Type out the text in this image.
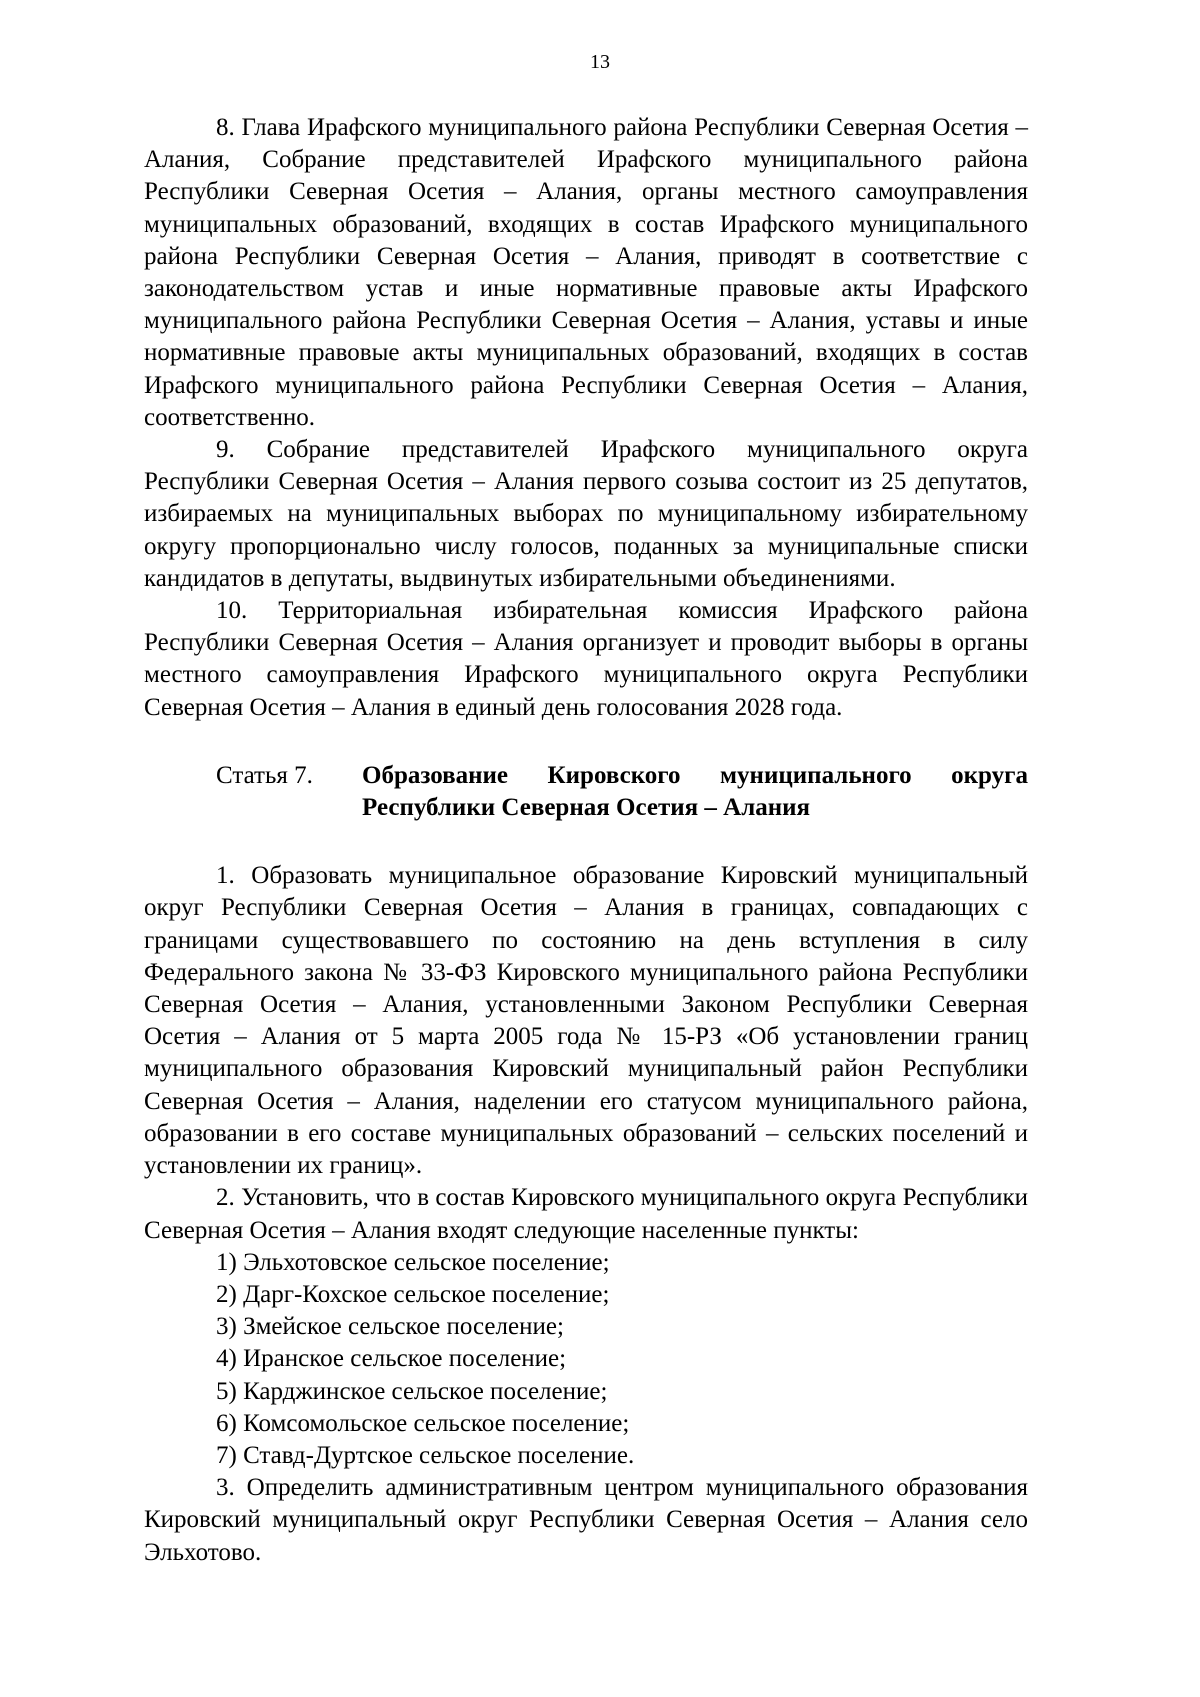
13

8. Глава Ирафского муниципального района Республики Северная Осетия – Алания, Собрание представителей Ирафского муниципального района Республики Северная Осетия – Алания, органы местного самоуправления муниципальных образований, входящих в состав Ирафского муниципального района Республики Северная Осетия – Алания, приводят в соответствие с законодательством устав и иные нормативные правовые акты Ирафского муниципального района Республики Северная Осетия – Алания, уставы и иные нормативные правовые акты муниципальных образований, входящих в состав Ирафского муниципального района Республики Северная Осетия – Алания, соответственно.

9. Собрание представителей Ирафского муниципального округа Республики Северная Осетия – Алания первого созыва состоит из 25 депутатов, избираемых на муниципальных выборах по муниципальному избирательному округу пропорционально числу голосов, поданных за муниципальные списки кандидатов в депутаты, выдвинутых избирательными объединениями.

10. Территориальная избирательная комиссия Ирафского района Республики Северная Осетия – Алания организует и проводит выборы в органы местного самоуправления Ирафского муниципального округа Республики Северная Осетия – Алания в единый день голосования 2028 года.

Статья 7.	Образование Кировского муниципального округа Республики Северная Осетия – Алания

1. Образовать муниципальное образование Кировский муниципальный округ Республики Северная Осетия – Алания в границах, совпадающих с границами существовавшего по состоянию на день вступления в силу Федерального закона № 33-ФЗ Кировского муниципального района Республики Северная Осетия – Алания, установленными Законом Республики Северная Осетия – Алания от 5 марта 2005 года № 15-РЗ «Об установлении границ муниципального образования Кировский муниципальный район Республики Северная Осетия – Алания, наделении его статусом муниципального района, образовании в его составе муниципальных образований – сельских поселений и установлении их границ».

2. Установить, что в состав Кировского муниципального округа Республики Северная Осетия – Алания входят следующие населенные пункты:

1) Эльхотовское сельское поселение;
2) Дарг-Кохское сельское поселение;
3) Змейское сельское поселение;
4) Иранское сельское поселение;
5) Карджинское сельское поселение;
6) Комсомольское сельское поселение;
7) Ставд-Дуртское сельское поселение.

3. Определить административным центром муниципального образования Кировский муниципальный округ Республики Северная Осетия – Алания село Эльхотово.
